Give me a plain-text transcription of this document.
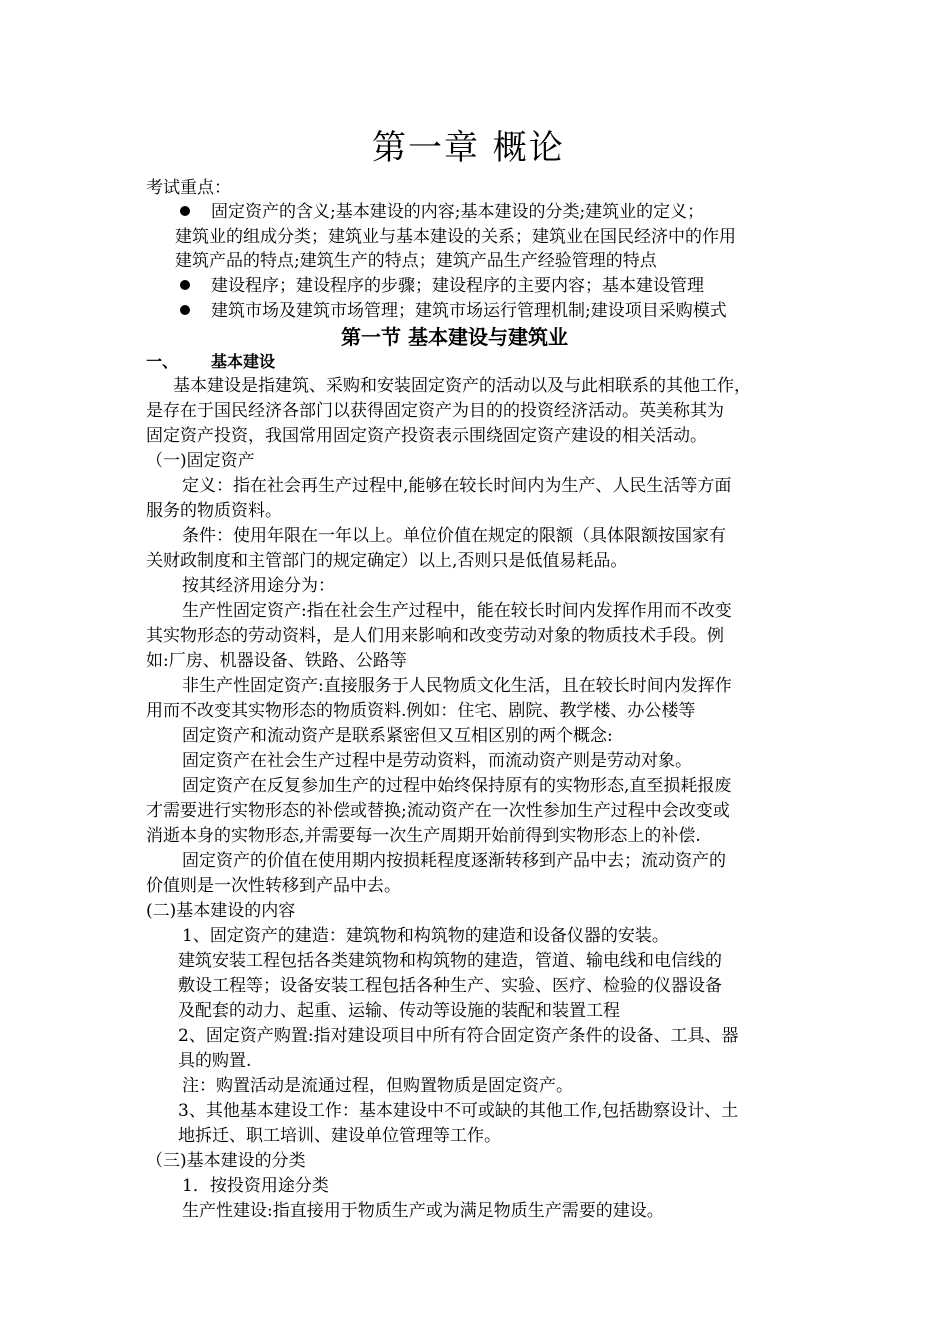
第一章 概论
考试重点：
固定资产的含义;基本建设的内容;基本建设的分类;建筑业的定义；
建筑业的组成分类；建筑业与基本建设的关系；建筑业在国民经济中的作用
建筑产品的特点;建筑生产的特点；建筑产品生产经验管理的特点
建设程序；建设程序的步骤；建设程序的主要内容；基本建设管理
建筑市场及建筑市场管理；建筑市场运行管理机制;建设项目采购模式
第一节 基本建设与建筑业
一、 基本建设
基本建设是指建筑、采购和安装固定资产的活动以及与此相联系的其他工作，
是存在于国民经济各部门以获得固定资产为目的的投资经济活动。英美称其为
固定资产投资，我国常用固定资产投资表示围绕固定资产建设的相关活动。
（一)固定资产
定义：指在社会再生产过程中,能够在较长时间内为生产、人民生活等方面
服务的物质资料。
条件：使用年限在一年以上。单位价值在规定的限额（具体限额按国家有
关财政制度和主管部门的规定确定）以上,否则只是低值易耗品。
按其经济用途分为：
生产性固定资产:指在社会生产过程中，能在较长时间内发挥作用而不改变
其实物形态的劳动资料，是人们用来影响和改变劳动对象的物质技术手段。例
如:厂房、机器设备、铁路、公路等
非生产性固定资产:直接服务于人民物质文化生活，且在较长时间内发挥作
用而不改变其实物形态的物质资料.例如：住宅、剧院、教学楼、办公楼等
固定资产和流动资产是联系紧密但又互相区别的两个概念:
固定资产在社会生产过程中是劳动资料，而流动资产则是劳动对象。
固定资产在反复参加生产的过程中始终保持原有的实物形态,直至损耗报废
才需要进行实物形态的补偿或替换;流动资产在一次性参加生产过程中会改变或
消逝本身的实物形态,并需要每一次生产周期开始前得到实物形态上的补偿.
固定资产的价值在使用期内按损耗程度逐渐转移到产品中去；流动资产的
价值则是一次性转移到产品中去。
(二)基本建设的内容
1、固定资产的建造：建筑物和构筑物的建造和设备仪器的安装。
建筑安装工程包括各类建筑物和构筑物的建造，管道、输电线和电信线的
敷设工程等；设备安装工程包括各种生产、实验、医疗、检验的仪器设备
及配套的动力、起重、运输、传动等设施的装配和装置工程
2、固定资产购置:指对建设项目中所有符合固定资产条件的设备、工具、器
具的购置.
注：购置活动是流通过程，但购置物质是固定资产。
3、其他基本建设工作：基本建设中不可或缺的其他工作,包括勘察设计、土
地拆迁、职工培训、建设单位管理等工作。
（三)基本建设的分类
1．按投资用途分类
生产性建设:指直接用于物质生产或为满足物质生产需要的建设。
